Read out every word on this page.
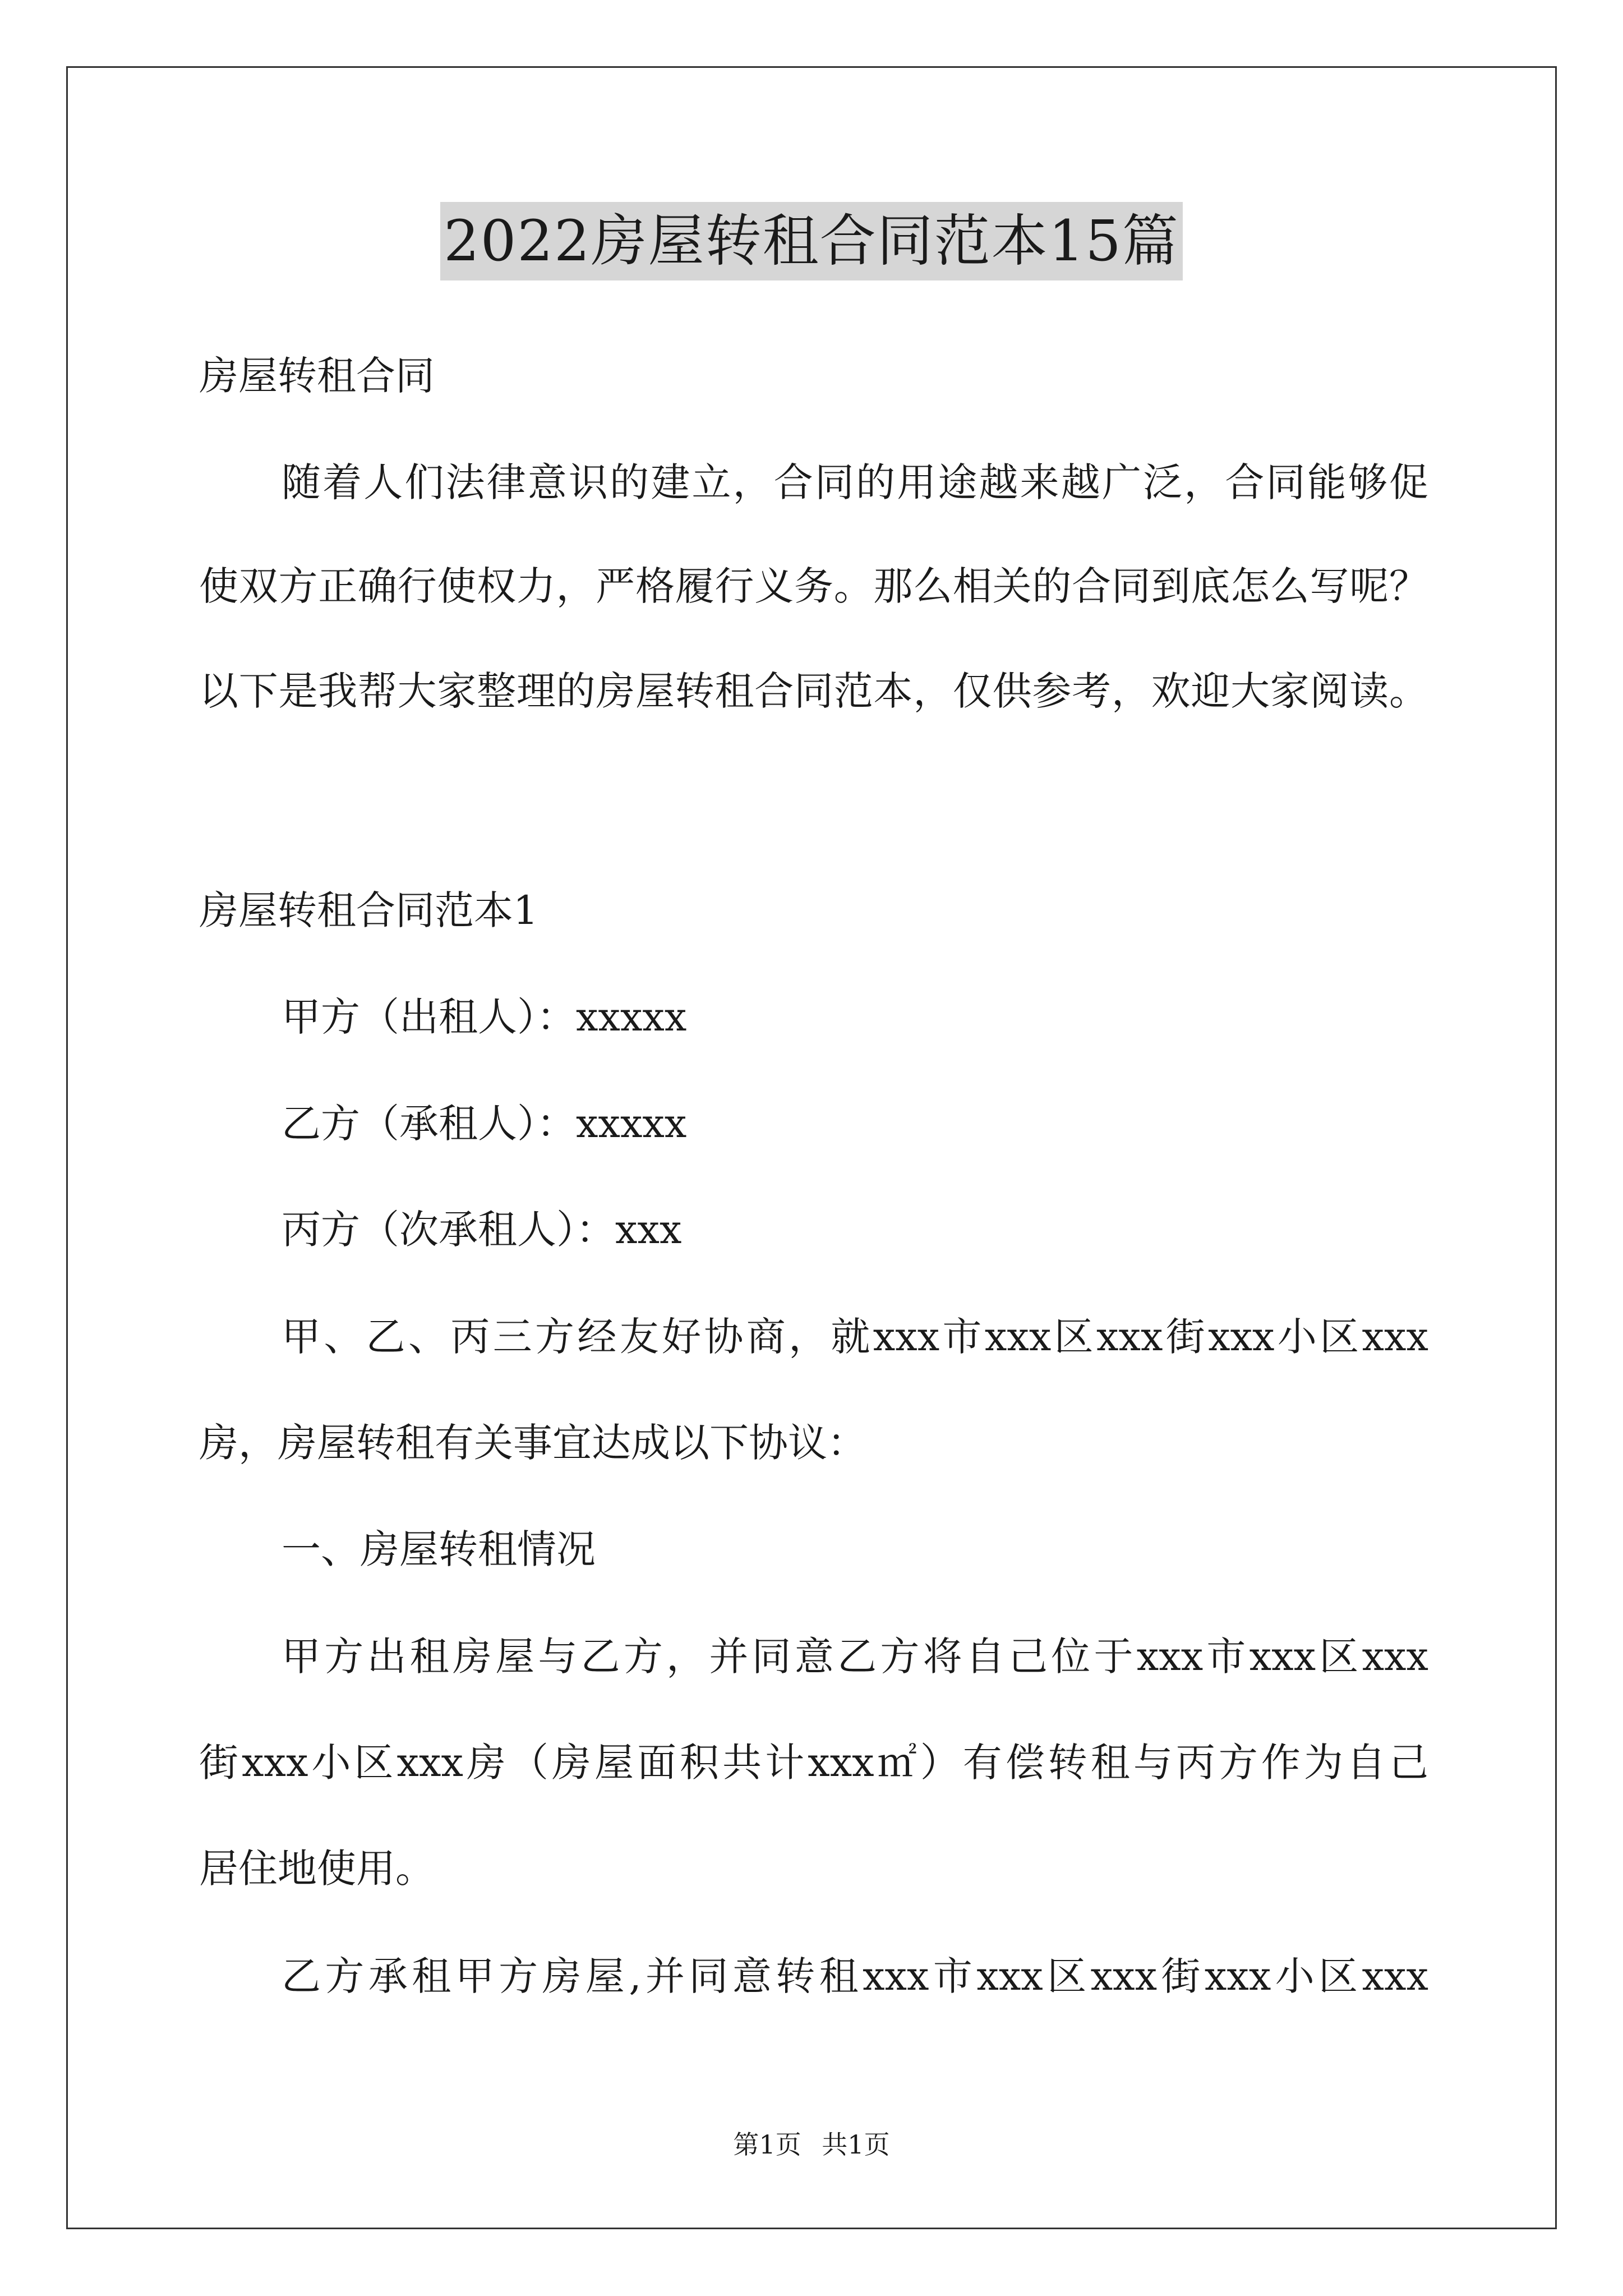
2022房屋转租合同范本15篇
房屋转租合同
随着人们法律意识的建立，合同的用途越来越广泛，合同能够促
使双方正确行使权力，严格履行义务。那么相关的合同到底怎么写呢？
以下是我帮大家整理的房屋转租合同范本，仅供参考，欢迎大家阅读。
房屋转租合同范本1
甲方（出租人）：xxxxx
乙方（承租人）：xxxxx
丙方（次承租人）：xxx
甲、乙、丙三方经友好协商，就xxx市xxx区xxx街xxx小区xxx
房，房屋转租有关事宜达成以下协议：
一、房屋转租情况
甲方出租房屋与乙方，并同意乙方将自己位于xxx市xxx区xxx
街xxx小区xxx房（房屋面积共计xxx㎡）有偿转租与丙方作为自己
居住地使用。
乙方承租甲方房屋,并同意转租xxx市xxx区xxx街xxx小区xxx
第1页 共1页
